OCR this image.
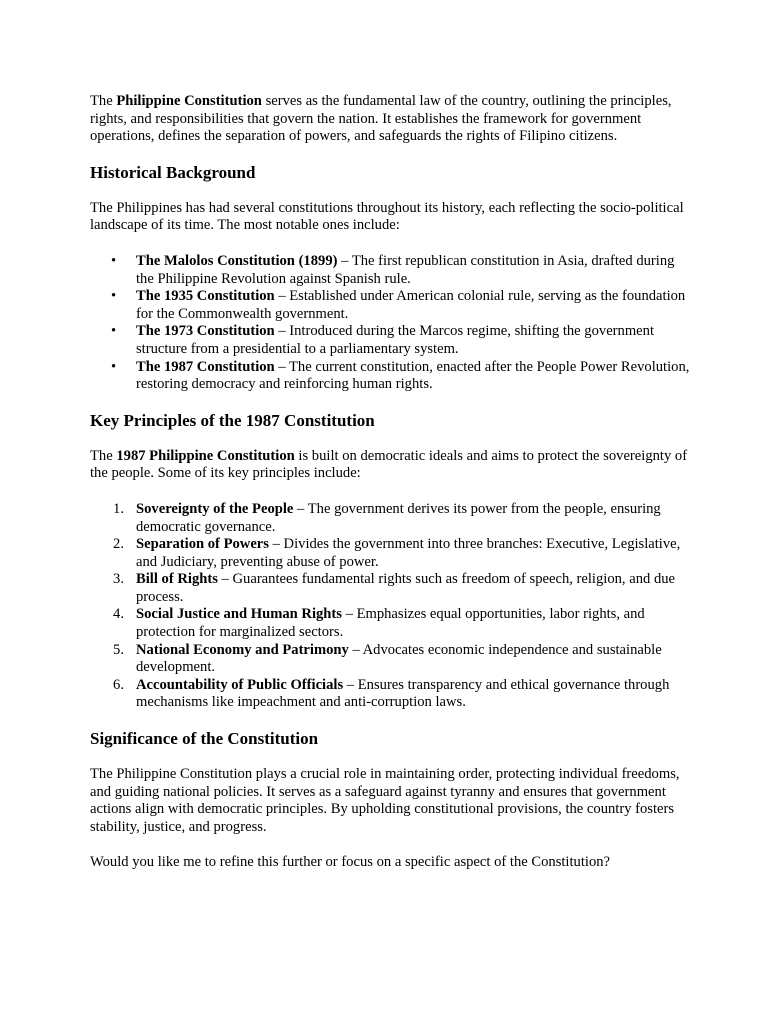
The Philippine Constitution serves as the fundamental law of the country, outlining the principles, rights, and responsibilities that govern the nation. It establishes the framework for government operations, defines the separation of powers, and safeguards the rights of Filipino citizens.

Historical Background

The Philippines has had several constitutions throughout its history, each reflecting the socio-political landscape of its time. The most notable ones include:

• The Malolos Constitution (1899) – The first republican constitution in Asia, drafted during the Philippine Revolution against Spanish rule.
• The 1935 Constitution – Established under American colonial rule, serving as the foundation for the Commonwealth government.
• The 1973 Constitution – Introduced during the Marcos regime, shifting the government structure from a presidential to a parliamentary system.
• The 1987 Constitution – The current constitution, enacted after the People Power Revolution, restoring democracy and reinforcing human rights.
Key Principles of the 1987 Constitution

The 1987 Philippine Constitution is built on democratic ideals and aims to protect the sovereignty of the people. Some of its key principles include:

1. Sovereignty of the People – The government derives its power from the people, ensuring democratic governance.
2. Separation of Powers – Divides the government into three branches: Executive, Legislative, and Judiciary, preventing abuse of power.
3. Bill of Rights – Guarantees fundamental rights such as freedom of speech, religion, and due process.
4. Social Justice and Human Rights – Emphasizes equal opportunities, labor rights, and protection for marginalized sectors.
5. National Economy and Patrimony – Advocates economic independence and sustainable development.
6. Accountability of Public Officials – Ensures transparency and ethical governance through mechanisms like impeachment and anti-corruption laws.
Significance of the Constitution

The Philippine Constitution plays a crucial role in maintaining order, protecting individual freedoms, and guiding national policies. It serves as a safeguard against tyranny and ensures that government actions align with democratic principles. By upholding constitutional provisions, the country fosters stability, justice, and progress.

Would you like me to refine this further or focus on a specific aspect of the Constitution?
